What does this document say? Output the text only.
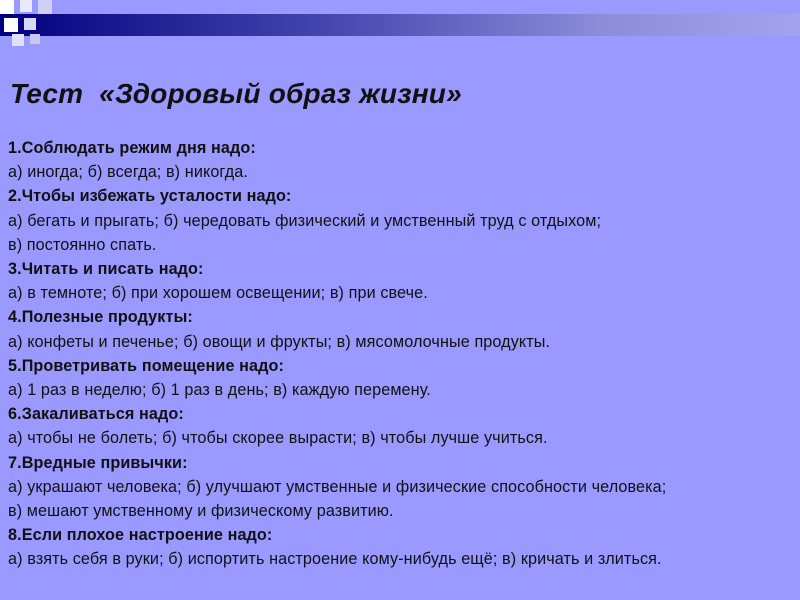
Тест  «Здоровый образ жизни»
1.Соблюдать режим дня надо:
а) иногда; б) всегда; в) никогда.
2.Чтобы избежать усталости надо:
а) бегать и прыгать; б) чередовать физический и умственный труд с отдыхом;
в) постоянно спать.
3.Читать и писать надо:
а) в темноте; б) при хорошем освещении; в) при свече.
4.Полезные продукты:
а) конфеты и печенье; б) овощи и фрукты; в) мясомолочные продукты.
5.Проветривать помещение надо:
а) 1 раз в неделю; б) 1 раз в день; в) каждую перемену.
6.Закаливаться надо:
а) чтобы не болеть; б) чтобы скорее вырасти; в) чтобы лучше учиться.
7.Вредные привычки:
а) украшают человека; б) улучшают умственные и физические способности человека;
в) мешают умственному и физическому развитию.
8.Если плохое настроение надо:
а) взять себя в руки; б) испортить настроение кому-нибудь ещё; в) кричать и злиться.
